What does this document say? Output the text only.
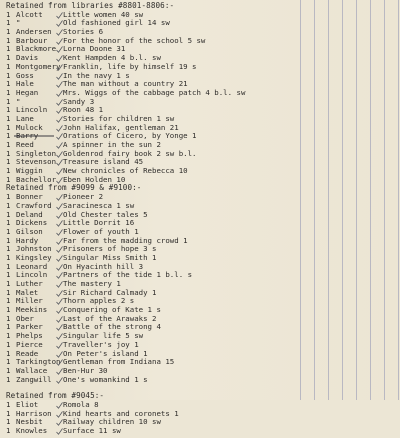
Retained from libraries #8801-8806:-
1 Alcott	Little women 40 sw
1 "	Old fashioned girl 14 sw
1 Andersen Stories 6
1 Barbour For the honor of the school 5 sw
1 Blackmore Lorna Doone 31
1 Davis	Kent Hampden 4 b.l. sw
1 Montgomery Franklin, life by himself 19 s
1 Goss	In the navy 1 s
1 Hale	The man without a country 21
1 Hegan	Mrs. Wiggs of the cabbage patch 4 b.l. sw
1 "	Sandy 3
1 Lincoln Roon 48 1
1 Lane	Stories for children 1 sw
1 Mulock	John Halifax, gentleman 21
1 Barry	Orations of Cicero, by Yonge 1
1 Reed	A spinner in the sun 2
1 Singleton Goldenrod fairy book 2 sw b.l.
1 Stevenson Treasure island 45
1 Wiggin	New chronicles of Rebecca 10
1 Bachellor Eben Holden 10
Retained from #9099 & #9100:-
1 Bonner	Pioneer 2
1 Crawford Saracinesca 1 sw
1 Deland	Old Chester tales 5
1 Dickens Little Dorrit 16
1 Gilson	Flower of youth 1
1 Hardy	Far from the madding crowd 1
1 Johnston Prisoners of hope 3 s
1 Kingsley Singular Miss Smith 1
1 Leonard On Hyacinth hill 3
1 Lincoln Partners of the tide 1 b.l. s
1 Luther	The mastery 1
1 Malet	Sir Richard Calmady 1
1 Miller	Thorn apples 2 s
1 Meekins Conquering of Kate 1 s
1 Ober	Last of the Arawaks 2
1 Parker	Battle of the strong 4
1 Phelps	Singular life 5 sw
1 Pierce	Traveller's joy 1
1 Reade	On Peter's island 1
1 Tarkington Gentleman from Indiana 15
1 Wallace Ben-Hur 30
1 Zangwill One's womankind 1 s
Retained from #9045:-
1 Eliot	Romola 8
1 Harrison Kind hearts and coronets 1
1 Nesbit	Railway children 10 sw
1 Knowles Surface 11 sw
